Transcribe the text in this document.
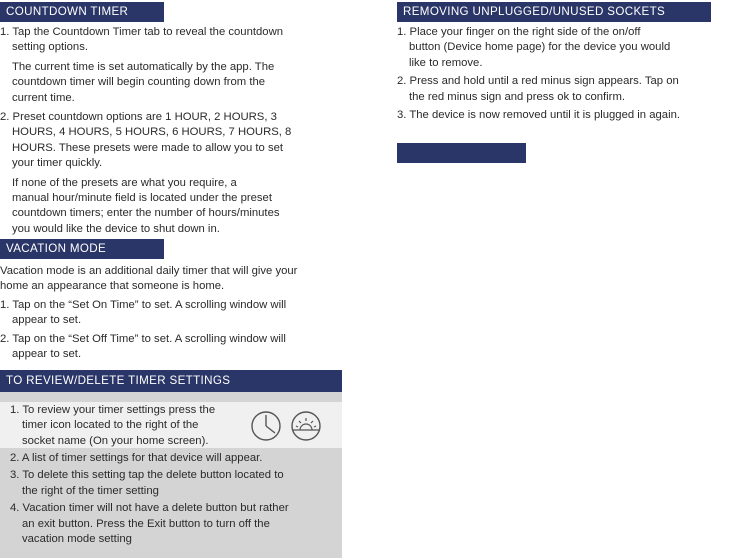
COUNTDOWN TIMER

1. Tap the Countdown Timer tab to reveal the countdown

setting options.

The current time is set automatically by the app. The

countdown timer will begin counting down from the

current time.

2. Preset countdown options are 1 HOUR, 2 HOURS, 3

HOURS, 4 HOURS, 5 HOURS, 6 HOURS, 7 HOURS, 8

HOURS. These presets were made to allow you to set

your timer quickly.

If none of the presets are what you require, a

manual hour/minute field is located under the preset

countdown timers; enter the number of hours/minutes

you would like the device to shut down in.

VACATION MODE

Vacation mode is an additional daily timer that will give your

home an appearance that someone is home.

1. Tap on the “Set On Time” to set. A scrolling window will

appear to set.

2. Tap on the “Set Off Time” to set. A scrolling window will

appear to set.

TO REVIEW/DELETE TIMER SETTINGS

1. To review your timer settings press the

timer icon located to the right of the

socket name (On your home screen).

2. A list of timer settings for that device will appear.

3. To delete this setting tap the delete button located to

the right of the timer setting

4. Vacation timer will not have a delete button but rather

an exit button. Press the Exit button to turn off the

vacation mode setting

REMOVING UNPLUGGED/UNUSED SOCKETS

1. Place your finger on the right side of the on/off

button (Device home page) for the device you would

like to remove.

2. Press and hold until a red minus sign appears. Tap on

the red minus sign and press ok to confirm.

3. The device is now removed until it is plugged in again.
